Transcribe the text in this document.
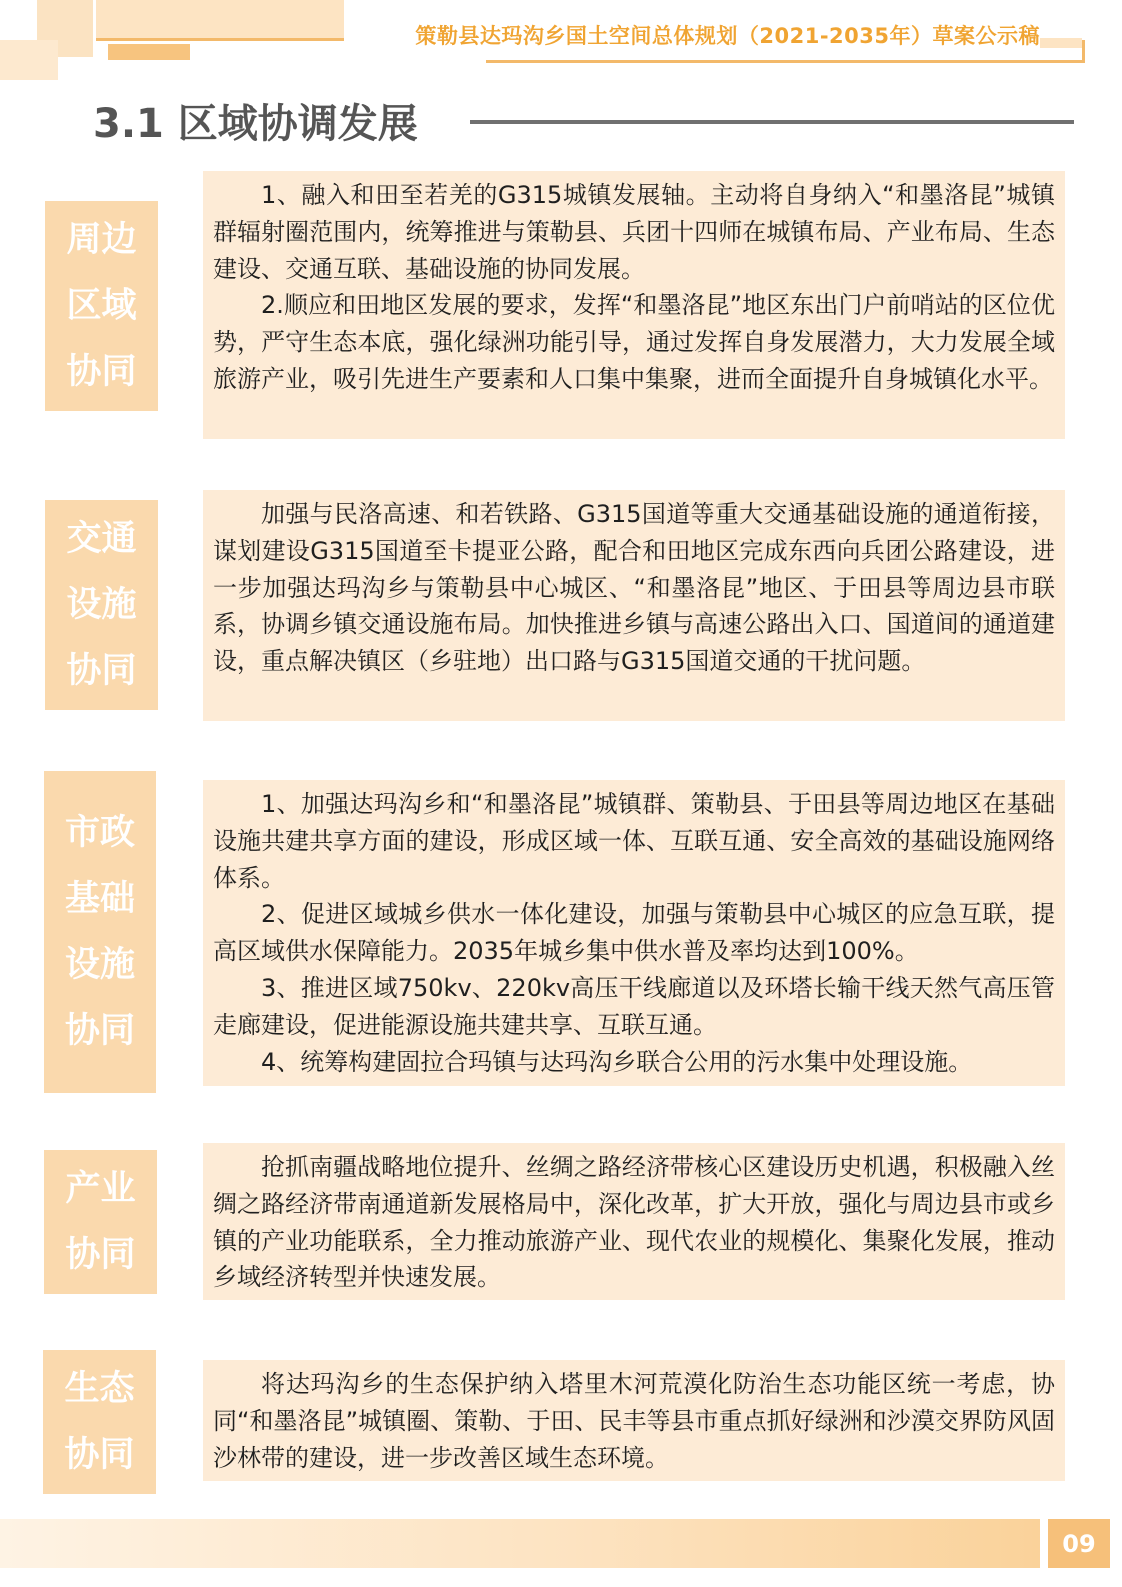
策勒县达玛沟乡国土空间总体规划（2021-2035年）草案公示稿
3.1 区域协调发展
周边
区域
协同

1、融入和田至若羌的G315城镇发展轴。主动将自身纳入“和墨洛昆”城镇群辐射圈范围内，统筹推进与策勒县、兵团十四师在城镇布局、产业布局、生态建设、交通互联、基础设施的协同发展。

2.顺应和田地区发展的要求，发挥“和墨洛昆”地区东出门户前哨站的区位优势，严守生态本底，强化绿洲功能引导，通过发挥自身发展潜力，大力发展全域旅游产业，吸引先进生产要素和人口集中集聚，进而全面提升自身城镇化水平。

交通
设施
协同

加强与民洛高速、和若铁路、G315国道等重大交通基础设施的通道衔接，谋划建设G315国道至卡提亚公路，配合和田地区完成东西向兵团公路建设，进一步加强达玛沟乡与策勒县中心城区、“和墨洛昆”地区、于田县等周边县市联系，协调乡镇交通设施布局。加快推进乡镇与高速公路出入口、国道间的通道建设，重点解决镇区（乡驻地）出口路与G315国道交通的干扰问题。

市政
基础
设施
协同

1、加强达玛沟乡和“和墨洛昆”城镇群、策勒县、于田县等周边地区在基础设施共建共享方面的建设，形成区域一体、互联互通、安全高效的基础设施网络体系。

2、促进区域城乡供水一体化建设，加强与策勒县中心城区的应急互联，提高区域供水保障能力。2035年城乡集中供水普及率均达到100%。

3、推进区域750kv、220kv高压干线廊道以及环塔长输干线天然气高压管走廊建设，促进能源设施共建共享、互联互通。

4、统筹构建固拉合玛镇与达玛沟乡联合公用的污水集中处理设施。

产业
协同

抢抓南疆战略地位提升、丝绸之路经济带核心区建设历史机遇，积极融入丝绸之路经济带南通道新发展格局中，深化改革，扩大开放，强化与周边县市或乡镇的产业功能联系，全力推动旅游产业、现代农业的规模化、集聚化发展，推动乡域经济转型并快速发展。

生态
协同

将达玛沟乡的生态保护纳入塔里木河荒漠化防治生态功能区统一考虑，协同“和墨洛昆”城镇圈、策勒、于田、民丰等县市重点抓好绿洲和沙漠交界防风固沙林带的建设，进一步改善区域生态环境。

09
